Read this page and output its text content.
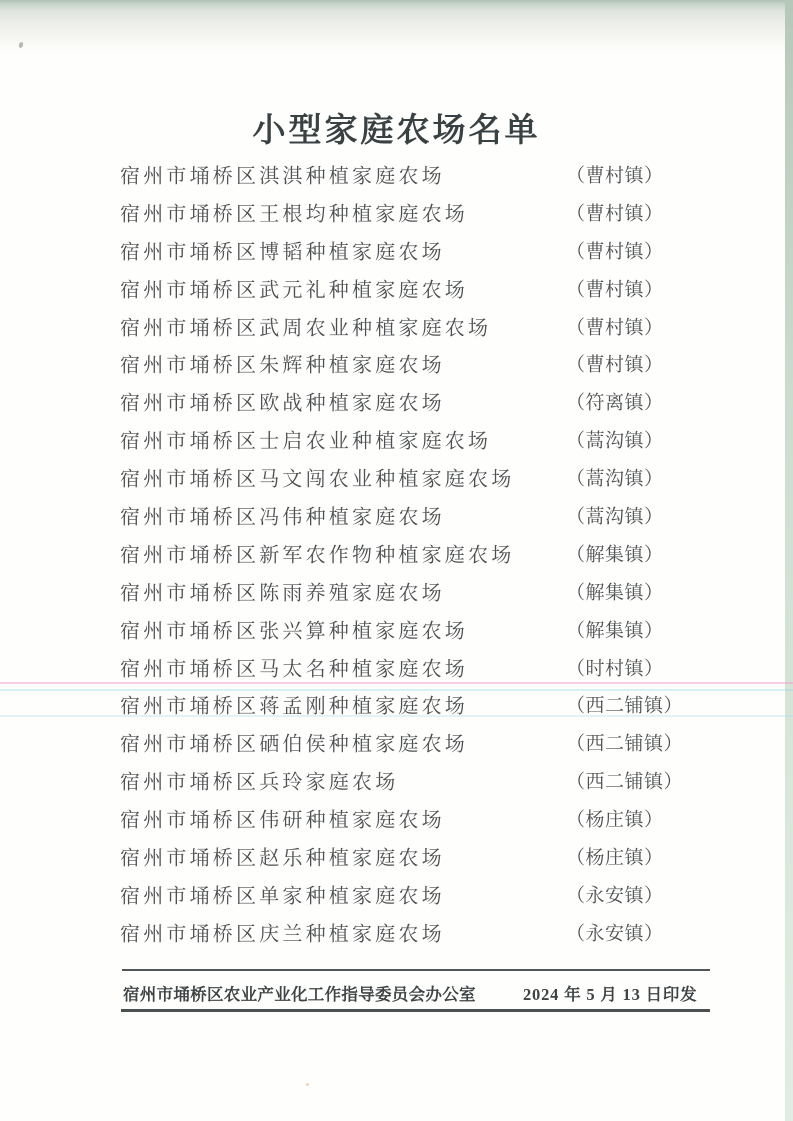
小型家庭农场名单
宿州市埇桥区淇淇种植家庭农场	（曹村镇）
宿州市埇桥区王根均种植家庭农场	（曹村镇）
宿州市埇桥区博韬种植家庭农场	（曹村镇）
宿州市埇桥区武元礼种植家庭农场	（曹村镇）
宿州市埇桥区武周农业种植家庭农场	（曹村镇）
宿州市埇桥区朱辉种植家庭农场	（曹村镇）
宿州市埇桥区欧战种植家庭农场	（符离镇）
宿州市埇桥区士启农业种植家庭农场	（蒿沟镇）
宿州市埇桥区马文闯农业种植家庭农场	（蒿沟镇）
宿州市埇桥区冯伟种植家庭农场	（蒿沟镇）
宿州市埇桥区新军农作物种植家庭农场	（解集镇）
宿州市埇桥区陈雨养殖家庭农场	（解集镇）
宿州市埇桥区张兴算种植家庭农场	（解集镇）
宿州市埇桥区马太名种植家庭农场	（时村镇）
宿州市埇桥区蒋孟刚种植家庭农场	（西二铺镇）
宿州市埇桥区硒伯侯种植家庭农场	（西二铺镇）
宿州市埇桥区兵玲家庭农场	（西二铺镇）
宿州市埇桥区伟研种植家庭农场	（杨庄镇）
宿州市埇桥区赵乐种植家庭农场	（杨庄镇）
宿州市埇桥区单家种植家庭农场	（永安镇）
宿州市埇桥区庆兰种植家庭农场	（永安镇）
宿州市埇桥区农业产业化工作指导委员会办公室	2024 年 5 月 13 日印发
